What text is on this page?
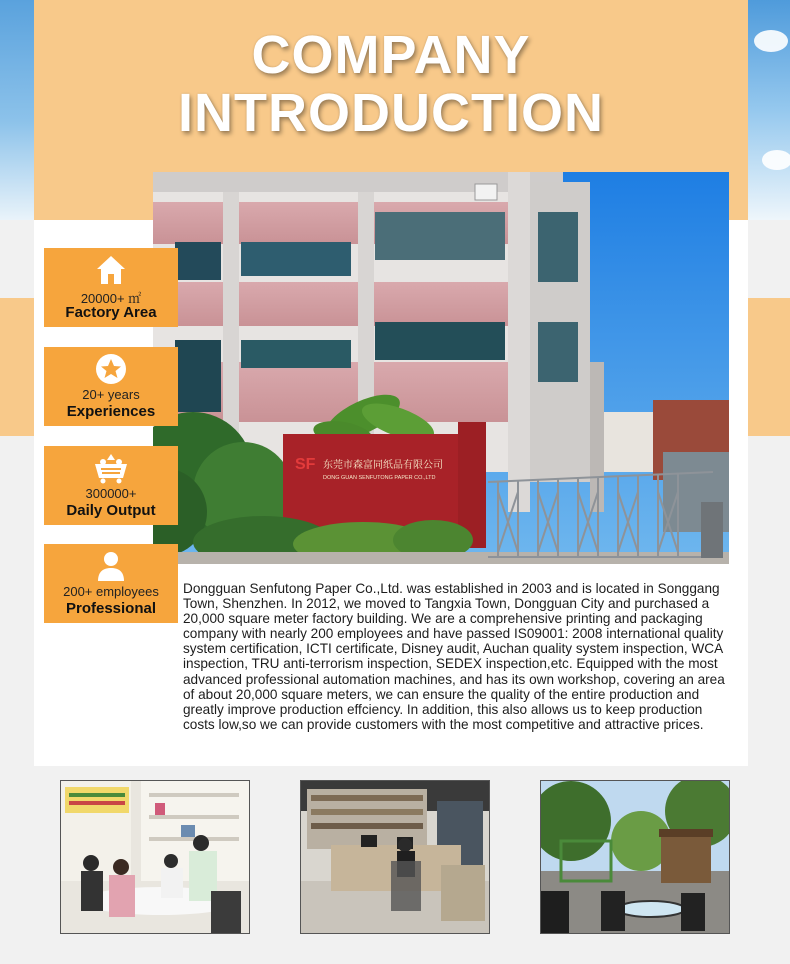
COMPANY
INTRODUCTION
SF 东莞市森富同纸品有限公司
DONG GUAN SENFUTONG PAPER CO.,LTD
20000+ ㎡
Factory Area
20+ years
Experiences
300000+
Daily Output
200+ employees
Professional
Dongguan Senfutong Paper Co.,Ltd. was established in 2003 and is located in Songgang Town, Shenzhen. In 2012, we moved to Tangxia Town, Dongguan City and purchased a 20,000 square meter factory building. We are a comprehensive printing and packaging company with nearly 200 employees and have passed IS09001: 2008 international quality system certification, ICTI certificate, Disney audit, Auchan quality system inspection, WCA inspection, TRU anti-terrorism inspection, SEDEX inspection,etc. Equipped with the most advanced professional automation machines, and has its own workshop, covering an area of about 20,000 square meters, we can ensure the quality of the entire production and greatly improve production effciency. In addition, this also allows us to keep production costs low,so we can provide customers with the most competitive and attractive prices.
